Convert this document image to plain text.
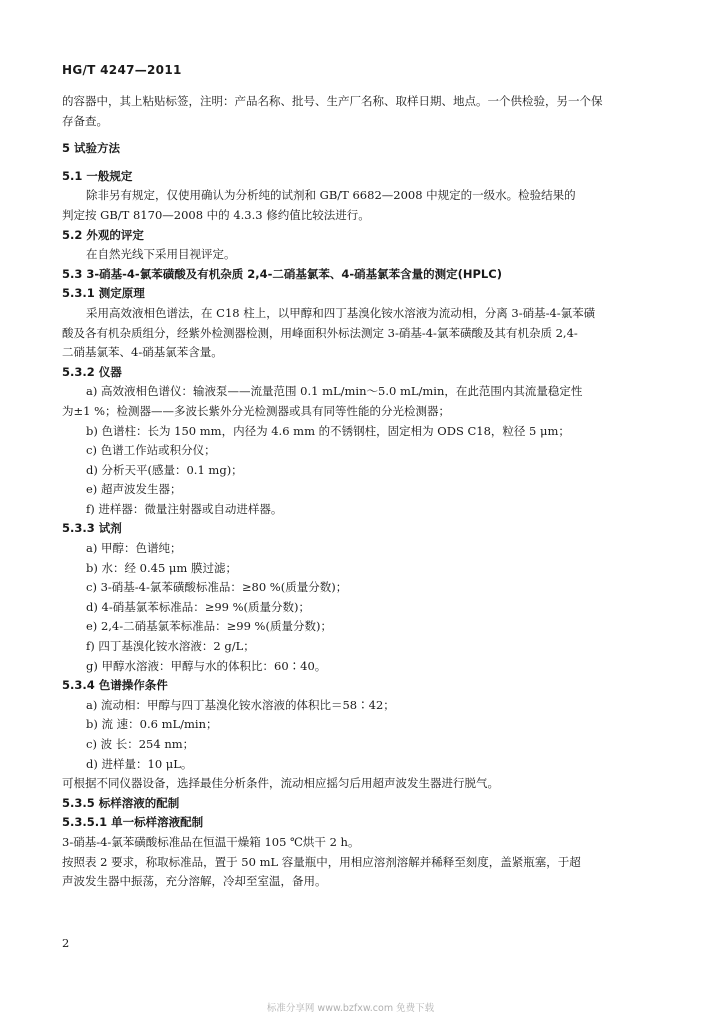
HG/T 4247—2011
的容器中，其上粘贴标签，注明：产品名称、批号、生产厂名称、取样日期、地点。一个供检验，另一个保
存备查。
5 试验方法
5.1 一般规定
除非另有规定，仅使用确认为分析纯的试剂和 GB/T 6682—2008 中规定的一级水。检验结果的
判定按 GB/T 8170—2008 中的 4.3.3 修约值比较法进行。
5.2 外观的评定
在自然光线下采用目视评定。
5.3 3-硝基-4-氯苯磺酸及有机杂质 2,4-二硝基氯苯、4-硝基氯苯含量的测定(HPLC)
5.3.1 测定原理
采用高效液相色谱法，在 C18 柱上，以甲醇和四丁基溴化铵水溶液为流动相，分离 3-硝基-4-氯苯磺
酸及各有机杂质组分，经紫外检测器检测，用峰面积外标法测定 3-硝基-4-氯苯磺酸及其有机杂质 2,4-
二硝基氯苯、4-硝基氯苯含量。
5.3.2 仪器
a) 高效液相色谱仪：输液泵——流量范围 0.1 mL/min～5.0 mL/min，在此范围内其流量稳定性
为±1 %；检测器——多波长紫外分光检测器或具有同等性能的分光检测器；
b) 色谱柱：长为 150 mm，内径为 4.6 mm 的不锈钢柱，固定相为 ODS C18，粒径 5 μm；
c) 色谱工作站或积分仪；
d) 分析天平(感量：0.1 mg)；
e) 超声波发生器；
f) 进样器：微量注射器或自动进样器。
5.3.3 试剂
a) 甲醇：色谱纯；
b) 水：经 0.45 μm 膜过滤；
c) 3-硝基-4-氯苯磺酸标准品：≥80 %(质量分数)；
d) 4-硝基氯苯标准品：≥99 %(质量分数)；
e) 2,4-二硝基氯苯标准品：≥99 %(质量分数)；
f) 四丁基溴化铵水溶液：2 g/L；
g) 甲醇水溶液：甲醇与水的体积比：60∶40。
5.3.4 色谱操作条件
a) 流动相：甲醇与四丁基溴化铵水溶液的体积比＝58∶42；
b) 流 速：0.6 mL/min；
c) 波 长：254 nm；
d) 进样量：10 μL。
可根据不同仪器设备，选择最佳分析条件，流动相应摇匀后用超声波发生器进行脱气。
5.3.5 标样溶液的配制
5.3.5.1 单一标样溶液配制
3-硝基-4-氯苯磺酸标准品在恒温干燥箱 105 ℃烘干 2 h。
按照表 2 要求，称取标准品，置于 50 mL 容量瓶中，用相应溶剂溶解并稀释至刻度，盖紧瓶塞，于超
声波发生器中振荡，充分溶解，冷却至室温，备用。
2
标准分享网 www.bzfxw.com 免费下载
